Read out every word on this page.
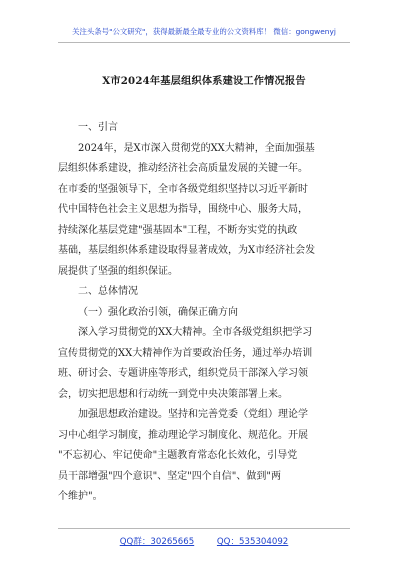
关注头条号"公文研究"，获得最新最全最专业的公文资料库！ 微信：gongwenyj
X市2024年基层组织体系建设工作情况报告
一、引言
2024年，是X市深入贯彻党的XX大精神，全面加强基
层组织体系建设，推动经济社会高质量发展的关键一年。
在市委的坚强领导下，全市各级党组织坚持以习近平新时
代中国特色社会主义思想为指导，围绕中心、服务大局，
持续深化基层党建"强基固本"工程，不断夯实党的执政
基础，基层组织体系建设取得显著成效，为X市经济社会发
展提供了坚强的组织保证。
二、总体情况
（一）强化政治引领，确保正确方向
深入学习贯彻党的XX大精神。全市各级党组织把学习
宣传贯彻党的XX大精神作为首要政治任务，通过举办培训
班、研讨会、专题讲座等形式，组织党员干部深入学习领
会，切实把思想和行动统一到党中央决策部署上来。
加强思想政治建设。坚持和完善党委（党组）理论学
习中心组学习制度，推动理论学习制度化、规范化。开展
"不忘初心、牢记使命"主题教育常态化长效化，引导党
员干部增强"四个意识"、坚定"四个自信"、做到"两
个维护"。
QQ群：30265665	QQ：535304092
